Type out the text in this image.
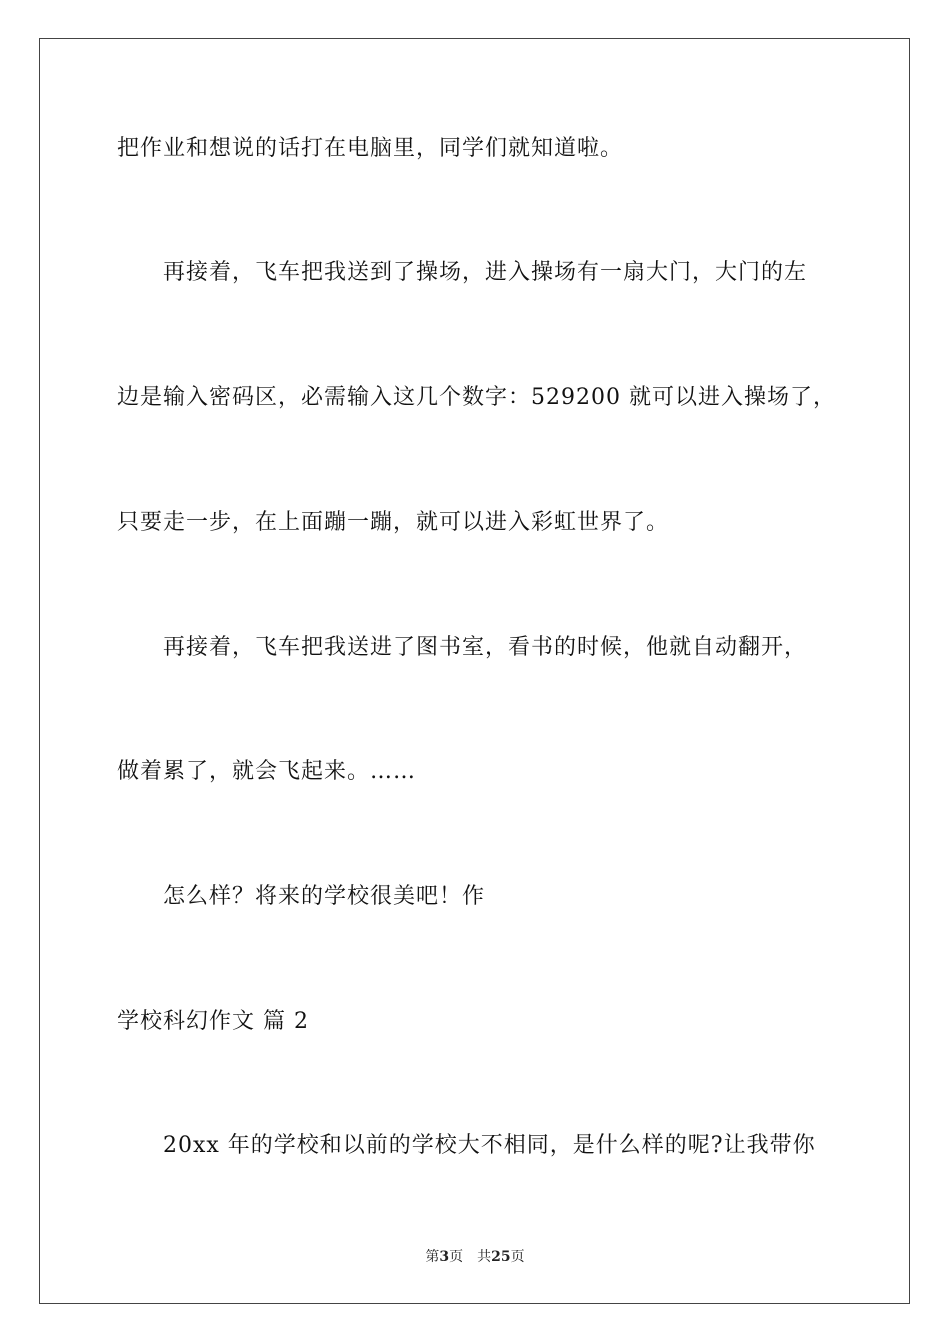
把作业和想说的话打在电脑里，同学们就知道啦。
再接着，飞车把我送到了操场，进入操场有一扇大门，大门的左
边是输入密码区，必需输入这几个数字：529200 就可以进入操场了，
只要走一步，在上面蹦一蹦，就可以进入彩虹世界了。
再接着，飞车把我送进了图书室，看书的时候，他就自动翻开，
做着累了，就会飞起来。……
怎么样？将来的学校很美吧！作
学校科幻作文 篇 2
20xx 年的学校和以前的学校大不相同，是什么样的呢?让我带你
第3页 共25页
